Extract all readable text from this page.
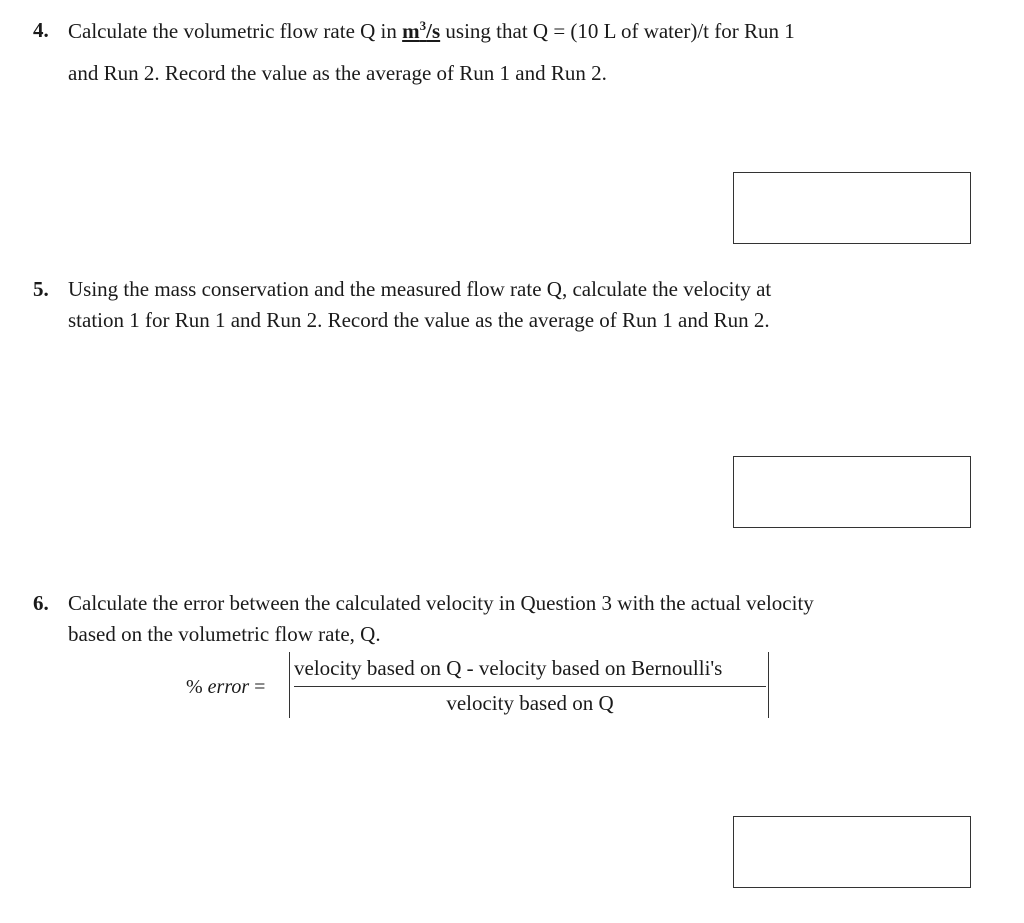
4. Calculate the volumetric flow rate Q in $m^3/s$ using that Q = (10 L of water)/t for Run 1
and Run 2. Record the value as the average of Run 1 and Run 2.
5. Using the mass conservation and the measured flow rate Q, calculate the velocity at
station 1 for Run 1 and Run 2. Record the value as the average of Run 1 and Run 2.
6. Calculate the error between the calculated velocity in Question 3 with the actual velocity
based on the volumetric flow rate, Q.
% error =
velocity based on Q - velocity based on Bernoulli's
velocity based on Q
